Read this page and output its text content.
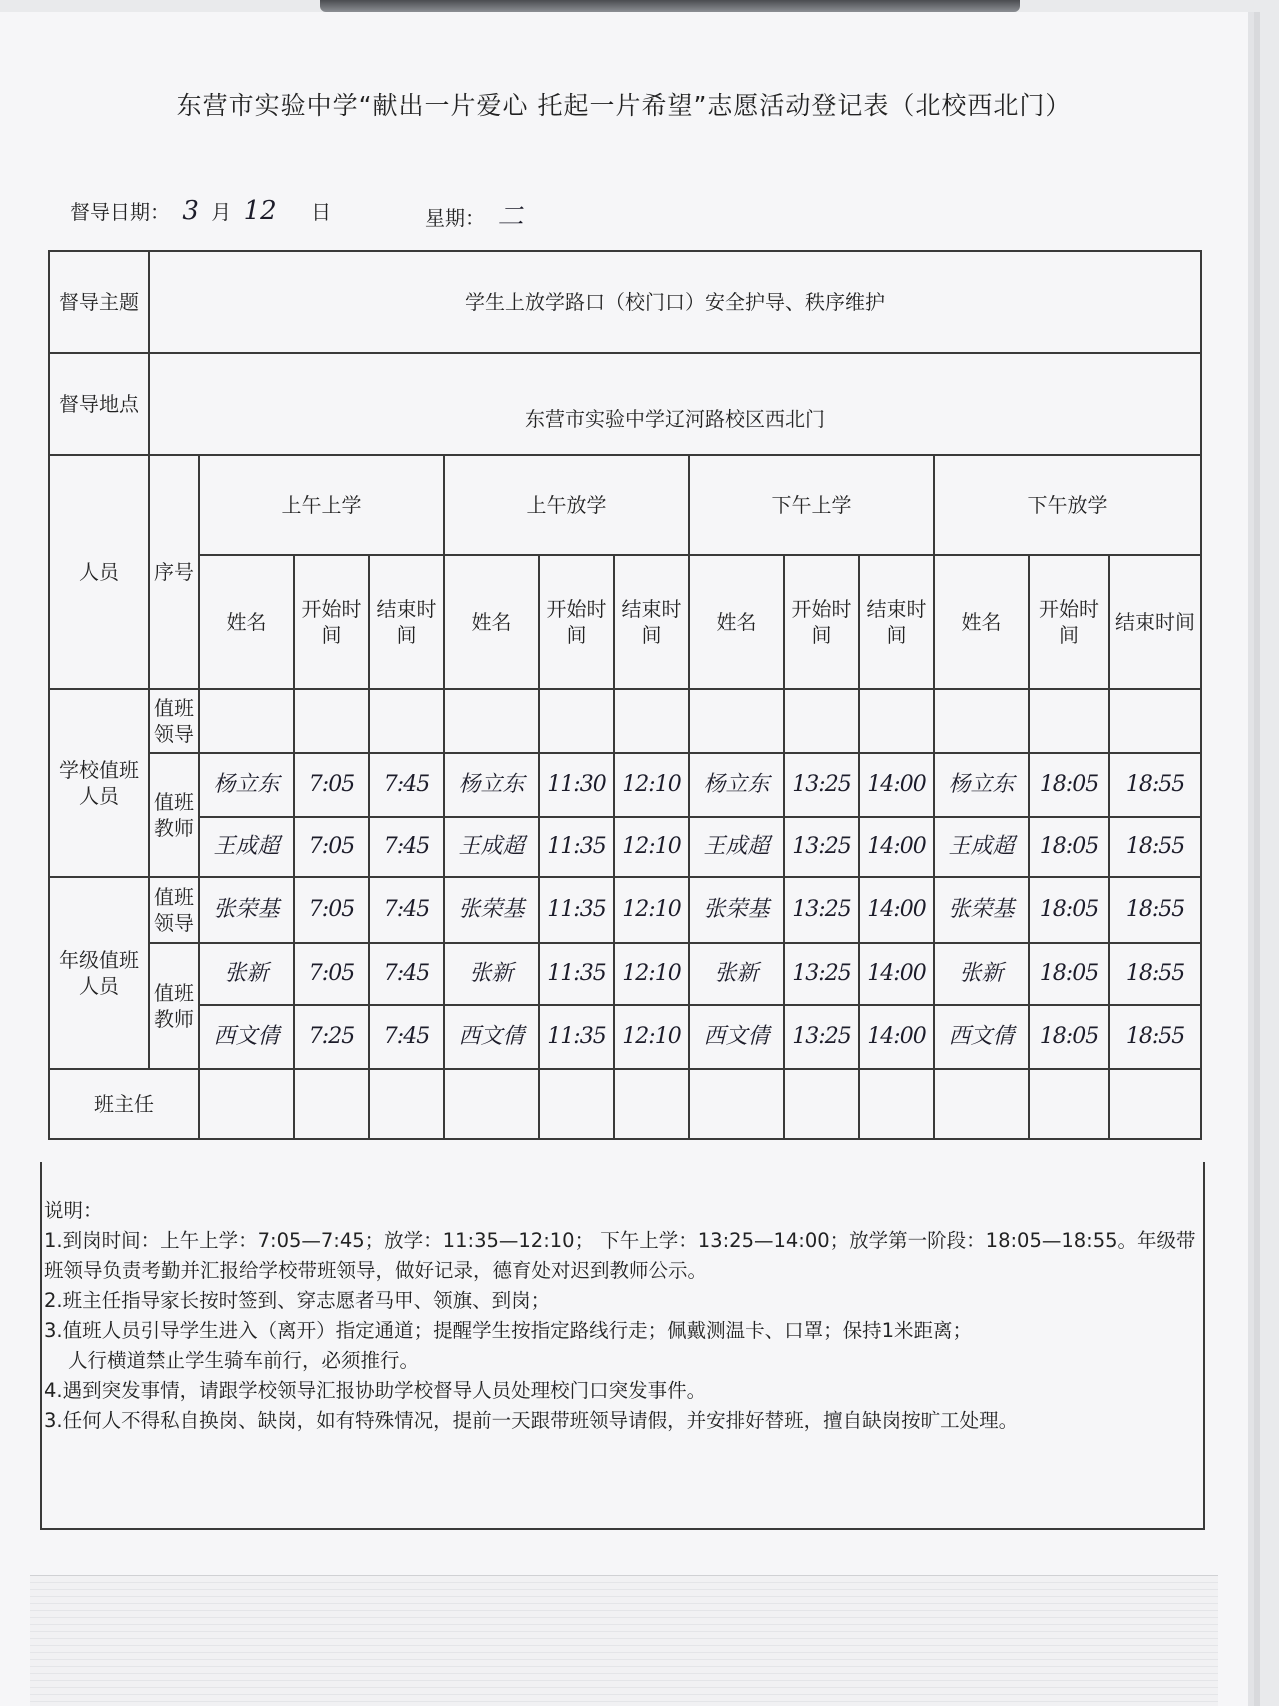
东营市实验中学“献出一片爱心 托起一片希望”志愿活动登记表（北校西北门）
督导日期： 3 月 12 日	星期： 二
督导主题	学生上放学路口（校门口）安全护导、秩序维护												
督导地点	东营市实验中学辽河路校区西北门												
人员	序号	上午上学			上午放学			下午上学			下午放学		
		姓名	开始时间	结束时间	姓名	开始时间	结束时间	姓名	开始时间	结束时间	姓名	开始时间	结束时间
学校值班人员	值班领导												
	值班教师	杨立东	7:05	7:45	杨立东	11:30	12:10	杨立东	13:25	14:00	杨立东	18:05	18:55
		王成超	7:05	7:45	王成超	11:35	12:10	王成超	13:25	14:00	王成超	18:05	18:55
年级值班人员	值班领导	张荣基	7:05	7:45	张荣基	11:35	12:10	张荣基	13:25	14:00	张荣基	18:05	18:55
	值班教师	张新	7:05	7:45	张新	11:35	12:10	张新	13:25	14:00	张新	18:05	18:55
		西文倩	7:25	7:45	西文倩	11:35	12:10	西文倩	13:25	14:00	西文倩	18:05	18:55
班主任													
说明：
1.到岗时间：上午上学：7:05—7:45；放学：11:35—12:10； 下午上学：13:25—14:00；放学第一阶段：18:05—18:55。年级带班领导负责考勤并汇报给学校带班领导，做好记录，德育处对迟到教师公示。
2.班主任指导家长按时签到、穿志愿者马甲、领旗、到岗；
3.值班人员引导学生进入（离开）指定通道；提醒学生按指定路线行走；佩戴测温卡、口罩；保持1米距离；
人行横道禁止学生骑车前行，必须推行。
4.遇到突发事情，请跟学校领导汇报协助学校督导人员处理校门口突发事件。
3.任何人不得私自换岗、缺岗，如有特殊情况，提前一天跟带班领导请假，并安排好替班，擅自缺岗按旷工处理。
